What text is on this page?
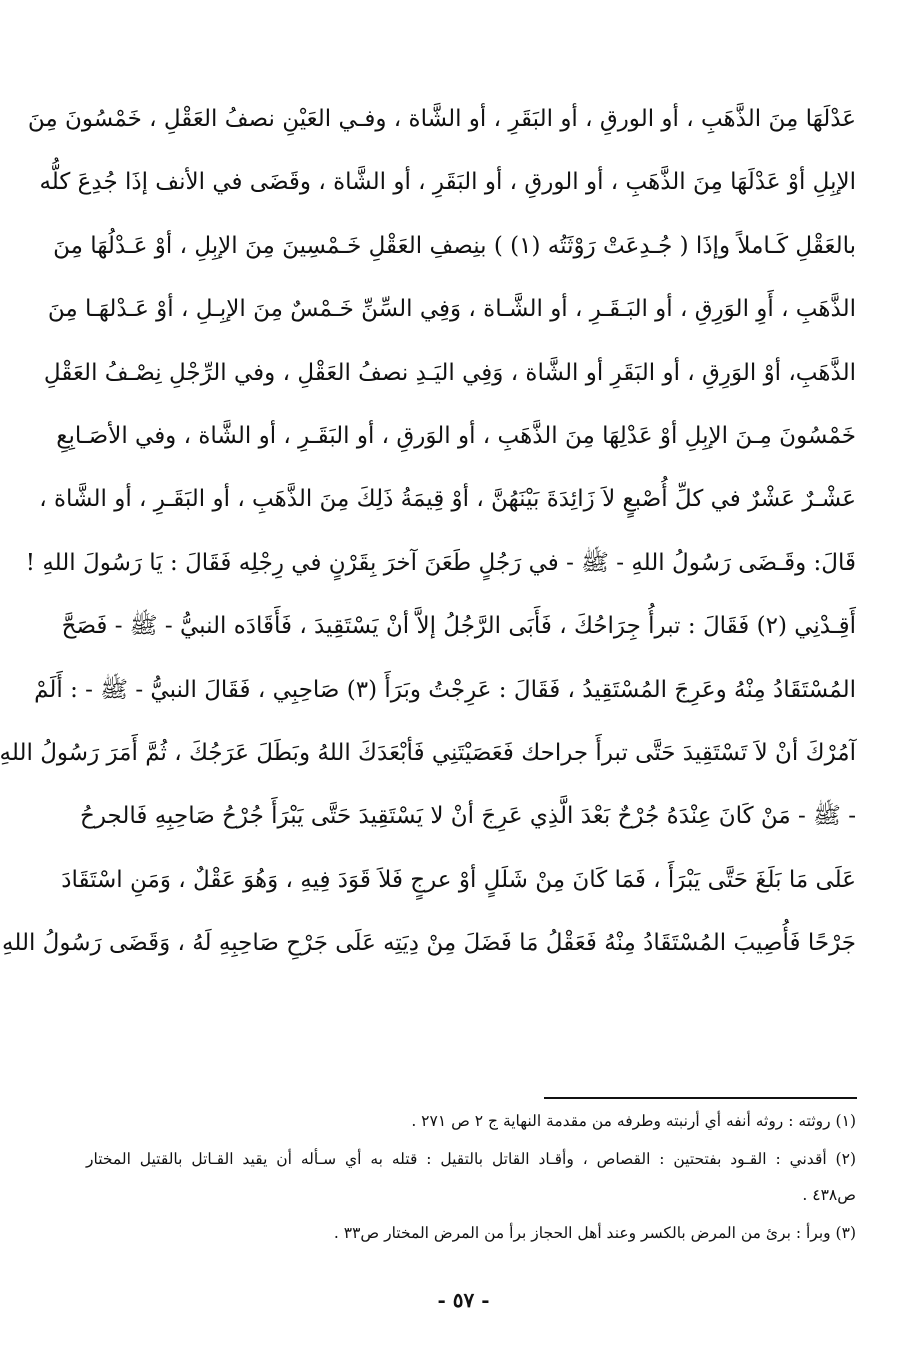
عَدْلَهَا مِنَ الذَّهَبِ ، أو الورقِ ، أو البَقَرِ ، أو الشَّاة ، وفـي العَيْنِ نصفُ العَقْلِ ، خَمْسُونَ مِنَ
الإبِلِ أوْ عَدْلَهَا مِنَ الذَّهَبِ ، أو الورقِ ، أو البَقَرِ ، أو الشَّاة ، وقَضَى في الأنف إذَا جُدِعَ كلُّه
بالعَقْلِ كَـاملاً وإذَا ( جُـدِعَتْ رَوْثَتُه (١) ) بنِصفِ العَقْلِ خَـمْسِينَ مِنَ الإبِلِ ، أوْ عَـدْلُهَا مِنَ
الذَّهَبِ ، أَوِ الوَرِقِ ، أو البَـقَـرِ ، أو الشَّـاة ، وَفِي السِّنِّ خَـمْسٌ مِنَ الإبِـلِ ، أوْ عَـدْلهَـا مِنَ
الذَّهَبِ، أوْ الوَرِقِ ، أو البَقَرِ أو الشَّاة ، وَفِي اليَـدِ نصفُ العَقْلِ ، وفي الرِّجْلِ نِصْـفُ العَقْلِ
خَمْسُونَ مِـنَ الإبِلِ أوْ عَدْلِهَا مِنَ الذَّهَبِ ، أو الوَرقِ ، أو البَقَـرِ ، أو الشَّاة ، وفي الأصَـابِعِ
عَشْـرٌ عَشْرٌ في كلِّ أُصْبعٍ لاَ زَائِدَةَ بَيْنَهُنَّ ، أوْ قِيمَةُ ذَلِكَ مِنَ الذَّهَبِ ، أو البَقَـرِ ، أو الشَّاة ،
قَالَ: وقَـضَى رَسُولُ اللهِ - ﷺ - في رَجُلٍ طَعَنَ آخرَ بِقَرْنٍ في رِجْلِه فَقَالَ : يَا رَسُولَ اللهِ !
أَقِـدْنِي (٢) فَقَالَ : تبرأُ جِرَاحُكَ ، فَأَبَى الرَّجُلُ إلاَّ أنْ يَسْتَقِيدَ ، فَأَقَادَه النبيُّ - ﷺ - فَصَحَّ
المُسْتَقَادُ مِنْهُ وعَرِجَ المُسْتَقِيدُ ، فَقَالَ : عَرِجْتُ وبَرَأَ (٣) صَاحِبِي ، فَقَالَ النبيُّ - ﷺ - : أَلَمْ
آمُرْكَ أنْ لاَ تَسْتَقِيدَ حَتَّى تبرأَ جراحك فَعَصَيْتَنِي فَأبْعَدَكَ اللهُ وبَطَلَ عَرَجُكَ ، ثُمَّ أَمَرَ رَسُولُ اللهِ
- ﷺ - مَنْ كَانَ عِنْدَهُ جُرْحٌ بَعْدَ الَّذِي عَرِجَ أنْ لا يَسْتَقِيدَ حَتَّى يَبْرَأَ جُرْحُ صَاحِبِهِ فَالجرحُ
عَلَى مَا بَلَغَ حَتَّى يَبْرَأَ ، فَمَا كَانَ مِنْ شَلَلٍ أوْ عرجٍ فَلاَ قَوَدَ فِيهِ ، وَهُوَ عَقْلٌ ، وَمَنِ اسْتَقَادَ
جَرْحًا فَأُصِيبَ المُسْتَقَادُ مِنْهُ فَعَقْلُ مَا فَضَلَ مِنْ دِيَتِه عَلَى جَرْحِ صَاحِبِهِ لَهُ ، وَقَضَى رَسُولُ اللهِ
(١) روثته : روثه أنفه أي أرنبته وطرفه من مقدمة النهاية ج ٢ ص ٢٧١ .
(٢) أقدني : القـود بفتحتين : القصاص ، وأقـاد القاتل بالتقيل : قتله به أي سـأله أن يقيد القـاتل بالقتيل المختار
ص٤٣٨ .
(٣) وبرأ : برئ من المرض بالكسر وعند أهل الحجاز برأ من المرض المختار ص٣٣ .
- ٥٧ -
